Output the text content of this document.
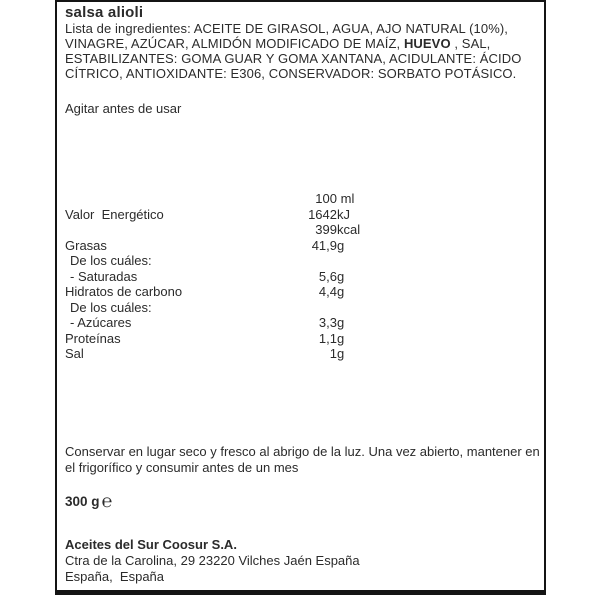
salsa alioli
Lista de ingredientes: ACEITE DE GIRASOL, AGUA, AJO NATURAL (10%), VINAGRE, AZÚCAR, ALMIDÓN MODIFICADO DE MAÍZ, HUEVO , SAL, ESTABILIZANTES: GOMA GUAR Y GOMA XANTANA, ACIDULANTE: ÁCIDO CÍTRICO, ANTIOXIDANTE: E306, CONSERVADOR: SORBATO POTÁSICO.
Agitar antes de usar
100 ml
Valor  Energético	1642 kJ
399 kcal
Grasas	41,9 g
De los cuáles:
- Saturadas	5,6 g
Hidratos de carbono	4,4 g
De los cuáles:
- Azúcares	3,3 g
Proteínas	1,1 g
Sal	1 g
Conservar en lugar seco y fresco al abrigo de la luz. Una vez abierto, mantener en el frigorífico y consumir antes de un mes
300 g ℮
Aceites del Sur Coosur S.A.
Ctra de la Carolina, 29 23220 Vilches Jaén España
España,  España
